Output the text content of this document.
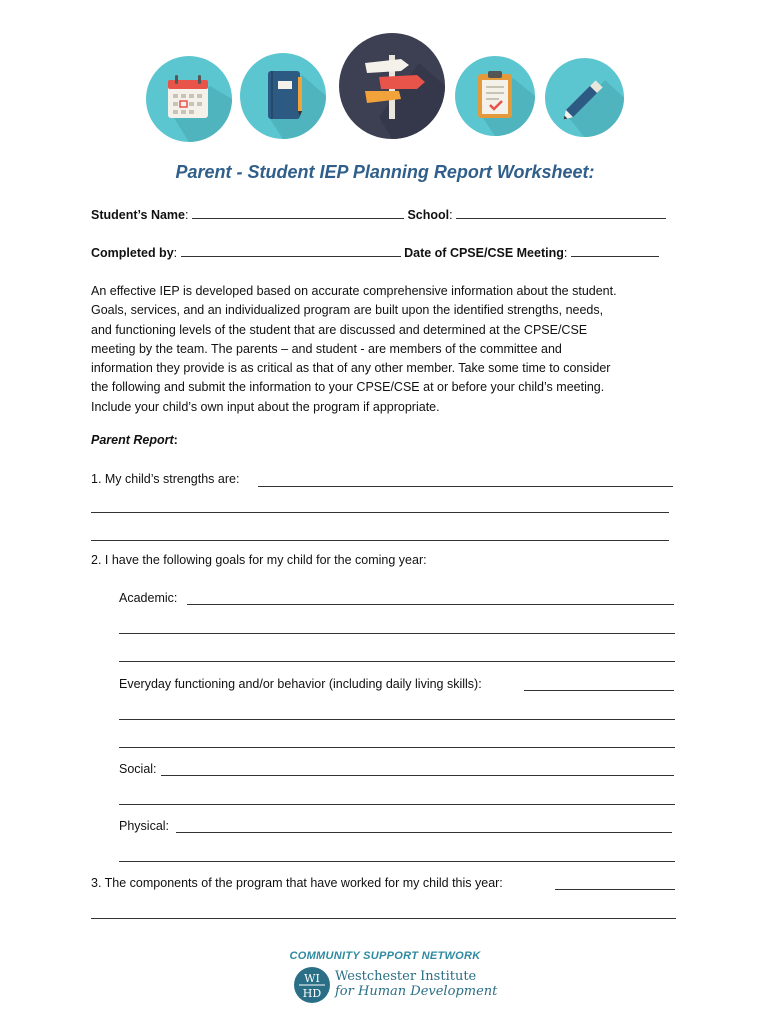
Parent - Student IEP Planning Report Worksheet:
Student’s Name:	School:
Completed by:	Date of CPSE/CSE Meeting:
An effective IEP is developed based on accurate comprehensive information about the student.
Goals, services, and an individualized program are built upon the identified strengths, needs,
and functioning levels of the student that are discussed and determined at the CPSE/CSE
meeting by the team. The parents – and student - are members of the committee and
information they provide is as critical as that of any other member. Take some time to consider
the following and submit the information to your CPSE/CSE at or before your child’s meeting.
Include your child’s own input about the program if appropriate.
Parent Report:
1. My child’s strengths are:
2. I have the following goals for my child for the coming year:
Academic:
Everyday functioning and/or behavior (including daily living skills):
Social:
Physical:
3. The components of the program that have worked for my child this year:
COMMUNITY SUPPORT NETWORK
WI
HD
Westchester Institute
for Human Development
